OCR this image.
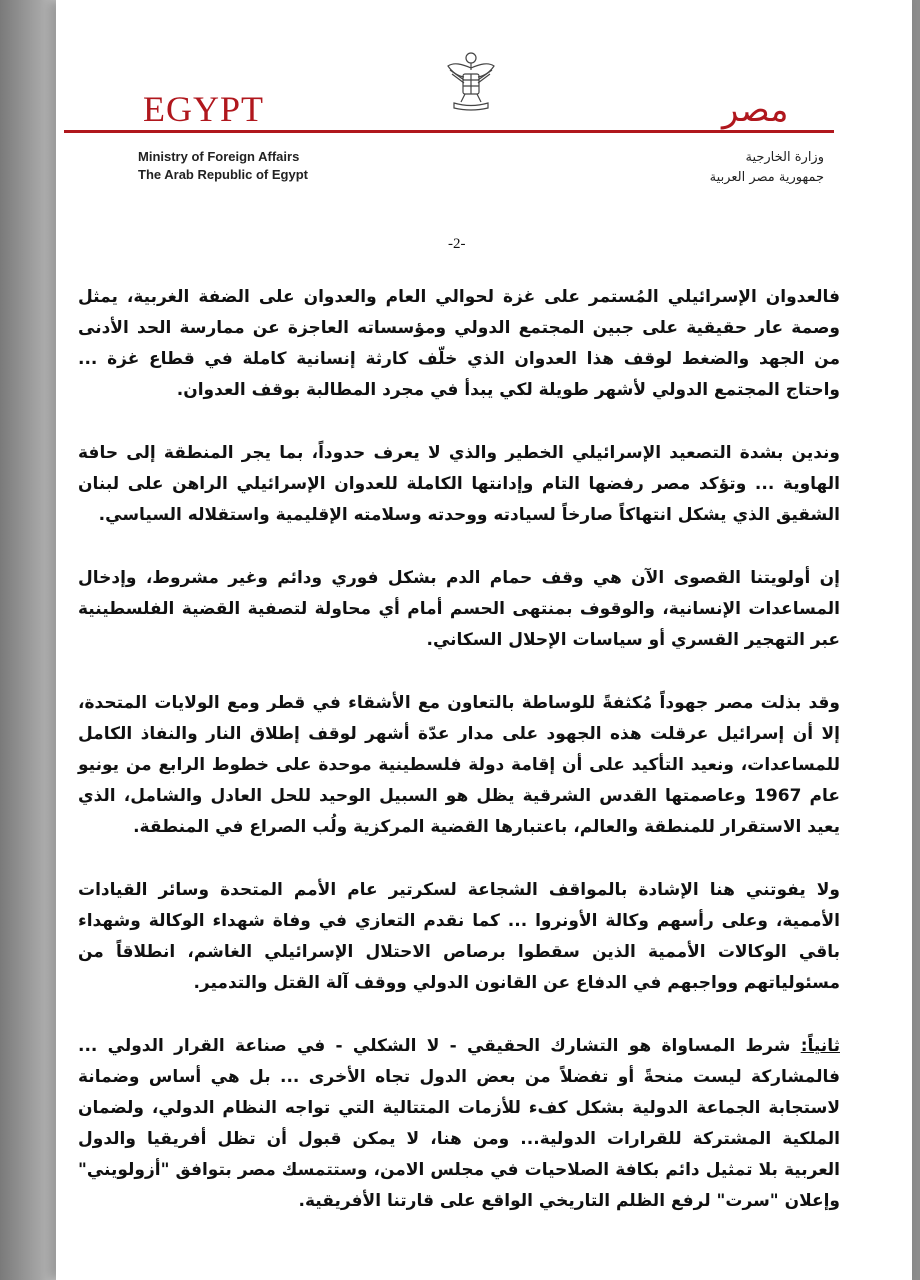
EGYPT	مصر
Ministry of Foreign Affairs
The Arab Republic of Egypt
وزارة الخارجية
جمهورية مصر العربية
-2-

فالعدوان الإسرائيلي المُستمر على غزة لحوالي العام والعدوان على الضفة الغربية، يمثل وصمة عار حقيقية على جبين المجتمع الدولي ومؤسساته العاجزة عن ممارسة الحد الأدنى من الجهد والضغط لوقف هذا العدوان الذي خلّف كارثة إنسانية كاملة في قطاع غزة ... واحتاج المجتمع الدولي لأشهر طويلة لكي يبدأ في مجرد المطالبة بوقف العدوان.

وندين بشدة التصعيد الإسرائيلي الخطير والذي لا يعرف حدوداً، بما يجر المنطقة إلى حافة الهاوية ... وتؤكد مصر رفضها التام وإدانتها الكاملة للعدوان الإسرائيلي الراهن على لبنان الشقيق الذي يشكل انتهاكاً صارخاً لسيادته ووحدته وسلامته الإقليمية واستقلاله السياسي.

إن أولويتنا القصوى الآن هي وقف حمام الدم بشكل فوري ودائم وغير مشروط، وإدخال المساعدات الإنسانية، والوقوف بمنتهى الحسم أمام أي محاولة لتصفية القضية الفلسطينية عبر التهجير القسري أو سياسات الإحلال السكاني.

وقد بذلت مصر جهوداً مُكثفةً للوساطة بالتعاون مع الأشقاء في قطر ومع الولايات المتحدة، إلا أن إسرائيل عرقلت هذه الجهود على مدار عدّة أشهر لوقف إطلاق النار والنفاذ الكامل للمساعدات، ونعيد التأكيد على أن إقامة دولة فلسطينية موحدة على خطوط الرابع من يونيو عام 1967 وعاصمتها القدس الشرقية يظل هو السبيل الوحيد للحل العادل والشامل، الذي يعيد الاستقرار للمنطقة والعالم، باعتبارها القضية المركزية ولُب الصراع في المنطقة.

ولا يفوتني هنا الإشادة بالمواقف الشجاعة لسكرتير عام الأمم المتحدة وسائر القيادات الأممية، وعلى رأسهم وكالة الأونروا ... كما نقدم التعازي في وفاة شهداء الوكالة وشهداء باقي الوكالات الأممية الذين سقطوا برصاص الاحتلال الإسرائيلي الغاشم، انطلاقاً من مسئولياتهم وواجبهم في الدفاع عن القانون الدولي ووقف آلة القتل والتدمير.

ثانياً: شرط المساواة هو التشارك الحقيقي - لا الشكلي - في صناعة القرار الدولي ... فالمشاركة ليست منحةً أو تفضلاً من بعض الدول تجاه الأخرى ... بل هي أساس وضمانة لاستجابة الجماعة الدولية بشكل كفء للأزمات المتتالية التي تواجه النظام الدولي، ولضمان الملكية المشتركة للقرارات الدولية... ومن هنا، لا يمكن قبول أن تظل أفريقيا والدول العربية بلا تمثيل دائم بكافة الصلاحيات في مجلس الامن، وستتمسك مصر بتوافق "أزولويني" وإعلان "سرت" لرفع الظلم التاريخي الواقع على قارتنا الأفريقية.
